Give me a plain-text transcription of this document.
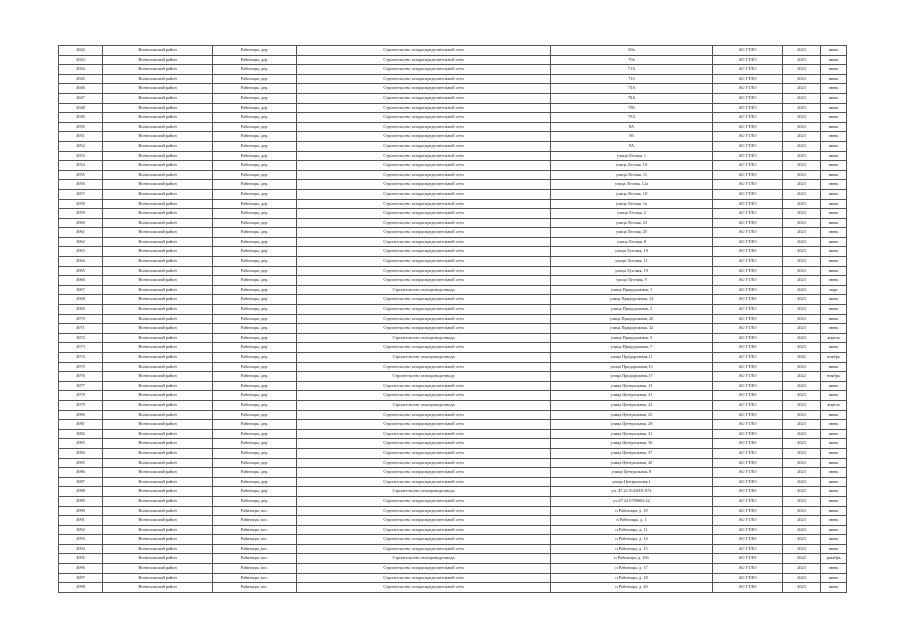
4942	Всеволожский район	Рабитицы, дер.	Строительство газораспределительной сети	69а	АО ГТЛО	2023	июнь
4943	Всеволожский район	Рабитицы, дер.	Строительство газораспределительной сети	70а	АО ГТЛО	2023	июнь
4944	Всеволожский район	Рабитицы, дер.	Строительство газораспределительной сети	71А	АО ГТЛО	2023	июнь
4945	Всеволожский район	Рабитицы, дер.	Строительство газораспределительной сети	71б	АО ГТЛО	2023	июнь
4946	Всеволожский район	Рабитицы, дер.	Строительство газораспределительной сети	73А	АО ГТЛО	2023	июнь
4947	Всеволожский район	Рабитицы, дер.	Строительство газораспределительной сети	78А	АО ГТЛО	2023	июнь
4948	Всеволожский район	Рабитицы, дер.	Строительство газораспределительной сети	78б	АО ГТЛО	2023	июнь
4949	Всеволожский район	Рабитицы, дер.	Строительство газораспределительной сети	79/2	АО ГТЛО	2023	июнь
4950	Всеволожский район	Рабитицы, дер.	Строительство газораспределительной сети	8А	АО ГТЛО	2023	июнь
4951	Всеволожский район	Рабитицы, дер.	Строительство газораспределительной сети	8б	АО ГТЛО	2023	июнь
4952	Всеволожский район	Рабитицы, дер.	Строительство газораспределительной сети	9А	АО ГТЛО	2023	июнь
4953	Всеволожский район	Рабитицы, дер.	Строительство газораспределительной сети	улица Лесная, 1	АО ГТЛО	2023	июнь
4954	Всеволожский район	Рабитицы, дер.	Строительство газораспределительной сети	улица Лесная, 10	АО ГТЛО	2023	июнь
4955	Всеволожский район	Рабитицы, дер.	Строительство газораспределительной сети	улица Лесная, 11	АО ГТЛО	2023	июнь
4956	Всеволожский район	Рабитицы, дер.	Строительство газораспределительной сети	улица Лесная, 12а	АО ГТЛО	2023	июнь
4957	Всеволожский район	Рабитицы, дер.	Строительство газораспределительной сети	улица Лесная, 18	АО ГТЛО	2023	июнь
4958	Всеволожский район	Рабитицы, дер.	Строительство газораспределительной сети	улица Лесная, 1а	АО ГТЛО	2023	июнь
4959	Всеволожский район	Рабитицы, дер.	Строительство газораспределительной сети	улица Лесная, 2	АО ГТЛО	2023	июнь
4960	Всеволожский район	Рабитицы, дер.	Строительство газораспределительной сети	улица Лесная, 23	АО ГТЛО	2023	июнь
4961	Всеволожский район	Рабитицы, дер.	Строительство газораспределительной сети	улица Лесная, 25	АО ГТЛО	2023	июнь
4962	Всеволожский район	Рабитицы, дер.	Строительство газораспределительной сети	улица Лесная, 8	АО ГТЛО	2023	июнь
4963	Всеволожский район	Рабитицы, дер.	Строительство газораспределительной сети	улица Луговая, 10	АО ГТЛО	2023	июнь
4964	Всеволожский район	Рабитицы, дер.	Строительство газораспределительной сети	улица Луговая, 11	АО ГТЛО	2023	июнь
4965	Всеволожский район	Рабитицы, дер.	Строительство газораспределительной сети	улица Луговая, 19	АО ГТЛО	2023	июнь
4966	Всеволожский район	Рабитицы, дер.	Строительство газораспределительной сети	улица Луговая, 9	АО ГТЛО	2023	июнь
4967	Всеволожский район	Рабитицы, дер.	Строительство газопровода-ввода	улица Придорожная, 1	АО ГТЛО	2023	март
4968	Всеволожский район	Рабитицы, дер.	Строительство газораспределительной сети	улица Придорожная, 14	АО ГТЛО	2023	июнь
4969	Всеволожский район	Рабитицы, дер.	Строительство газораспределительной сети	улица Придорожная, 2	АО ГТЛО	2023	июнь
4970	Всеволожский район	Рабитицы, дер.	Строительство газораспределительной сети	улица Придорожная, 26	АО ГТЛО	2023	июнь
4971	Всеволожский район	Рабитицы, дер.	Строительство газораспределительной сети	улица Придорожная, 32	АО ГТЛО	2023	июнь
4972	Всеволожский район	Рабитицы, дер.	Строительство газопровода-ввода	улица Придорожная, 5	АО ГТЛО	2023	апрель
4973	Всеволожский район	Рабитицы, дер.	Строительство газораспределительной сети	улица Придорожная, 7	АО ГТЛО	2023	июнь
4974	Всеволожский район	Рабитицы, дер.	Строительство газопровода-ввода	улица Придорожная,11	АО ГТЛО	2022	ноябрь
4975	Всеволожский район	Рабитицы, дер.	Строительство газораспределительной сети	улица Придорожная,13	АО ГТЛО	2023	июнь
4976	Всеволожский район	Рабитицы, дер.	Строительство газопровода-ввода	улица Придорожная,17	АО ГТЛО	2022	ноябрь
4977	Всеволожский район	Рабитицы, дер.	Строительство газораспределительной сети	улица Центральная, 13	АО ГТЛО	2023	июнь
4978	Всеволожский район	Рабитицы, дер.	Строительство газораспределительной сети	улица Центральная, 21	АО ГТЛО	2023	июнь
4979	Всеволожский район	Рабитицы, дер.	Строительство газопровода-ввода	улица Центральная, 22	АО ГТЛО	2023	апрель
4980	Всеволожский район	Рабитицы, дер.	Строительство газораспределительной сети	улица Центральная, 25	АО ГТЛО	2023	июнь
4981	Всеволожский район	Рабитицы, дер.	Строительство газораспределительной сети	улица Центральная, 29	АО ГТЛО	2023	июнь
4982	Всеволожский район	Рабитицы, дер.	Строительство газораспределительной сети	улица Центральная, 31	АО ГТЛО	2023	июнь
4983	Всеволожский район	Рабитицы, дер.	Строительство газораспределительной сети	улица Центральная, 36	АО ГТЛО	2023	июнь
4984	Всеволожский район	Рабитицы, дер.	Строительство газораспределительной сети	улица Центральная, 37	АО ГТЛО	2023	июнь
4985	Всеволожский район	Рабитицы, дер.	Строительство газораспределительной сети	улица Центральная, 40	АО ГТЛО	2023	июнь
4986	Всеволожский район	Рабитицы, дер.	Строительство газораспределительной сети	улица Центральная, 8	АО ГТЛО	2023	июнь
4987	Всеволожский район	Рабитицы, дер.	Строительство газораспределительной сети	улица Центральная,1	АО ГТЛО	2023	июнь
4988	Всеволожский район	Рабитицы, дер.	Строительство газопровода-ввода	уч. 47.22.0142001:972	АО ГТЛО	2022	июнь
4989	Всеволожский район	Рабитицы, дер.	Строительство газораспределительной сети	уч.47.22.0709002:22	АО ГТЛО	2023	июнь
4990	Всеволожский район	Рабитицы, пос.	Строительство газораспределительной сети	п Рабитицы, д. 10	АО ГТЛО	2023	июнь
4991	Всеволожский район	Рабитицы, пос.	Строительство газораспределительной сети	п Рабитицы, д. 1	АО ГТЛО	2023	июнь
4992	Всеволожский район	Рабитицы, пос.	Строительство газораспределительной сети	п Рабитицы, д. 11	АО ГТЛО	2023	июнь
4993	Всеволожский район	Рабитицы, пос.	Строительство газораспределительной сети	п Рабитицы, д. 14	АО ГТЛО	2023	июнь
4994	Всеволожский район	Рабитицы, пос.	Строительство газораспределительной сети	п Рабитицы, д. 15	АО ГТЛО	2023	июнь
4995	Всеволожский район	Рабитицы, пос.	Строительство газопровода-ввода	п Рабитицы, д. 16б	АО ГТЛО	2022	декабрь
4996	Всеволожский район	Рабитицы, пос.	Строительство газораспределительной сети	п Рабитицы, д. 17	АО ГТЛО	2023	июнь
4997	Всеволожский район	Рабитицы, пос.	Строительство газораспределительной сети	п Рабитицы, д. 18	АО ГТЛО	2023	июнь
4998	Всеволожский район	Рабитицы, пос.	Строительство газораспределительной сети	п Рабитицы, д. 20	АО ГТЛО	2023	июнь
